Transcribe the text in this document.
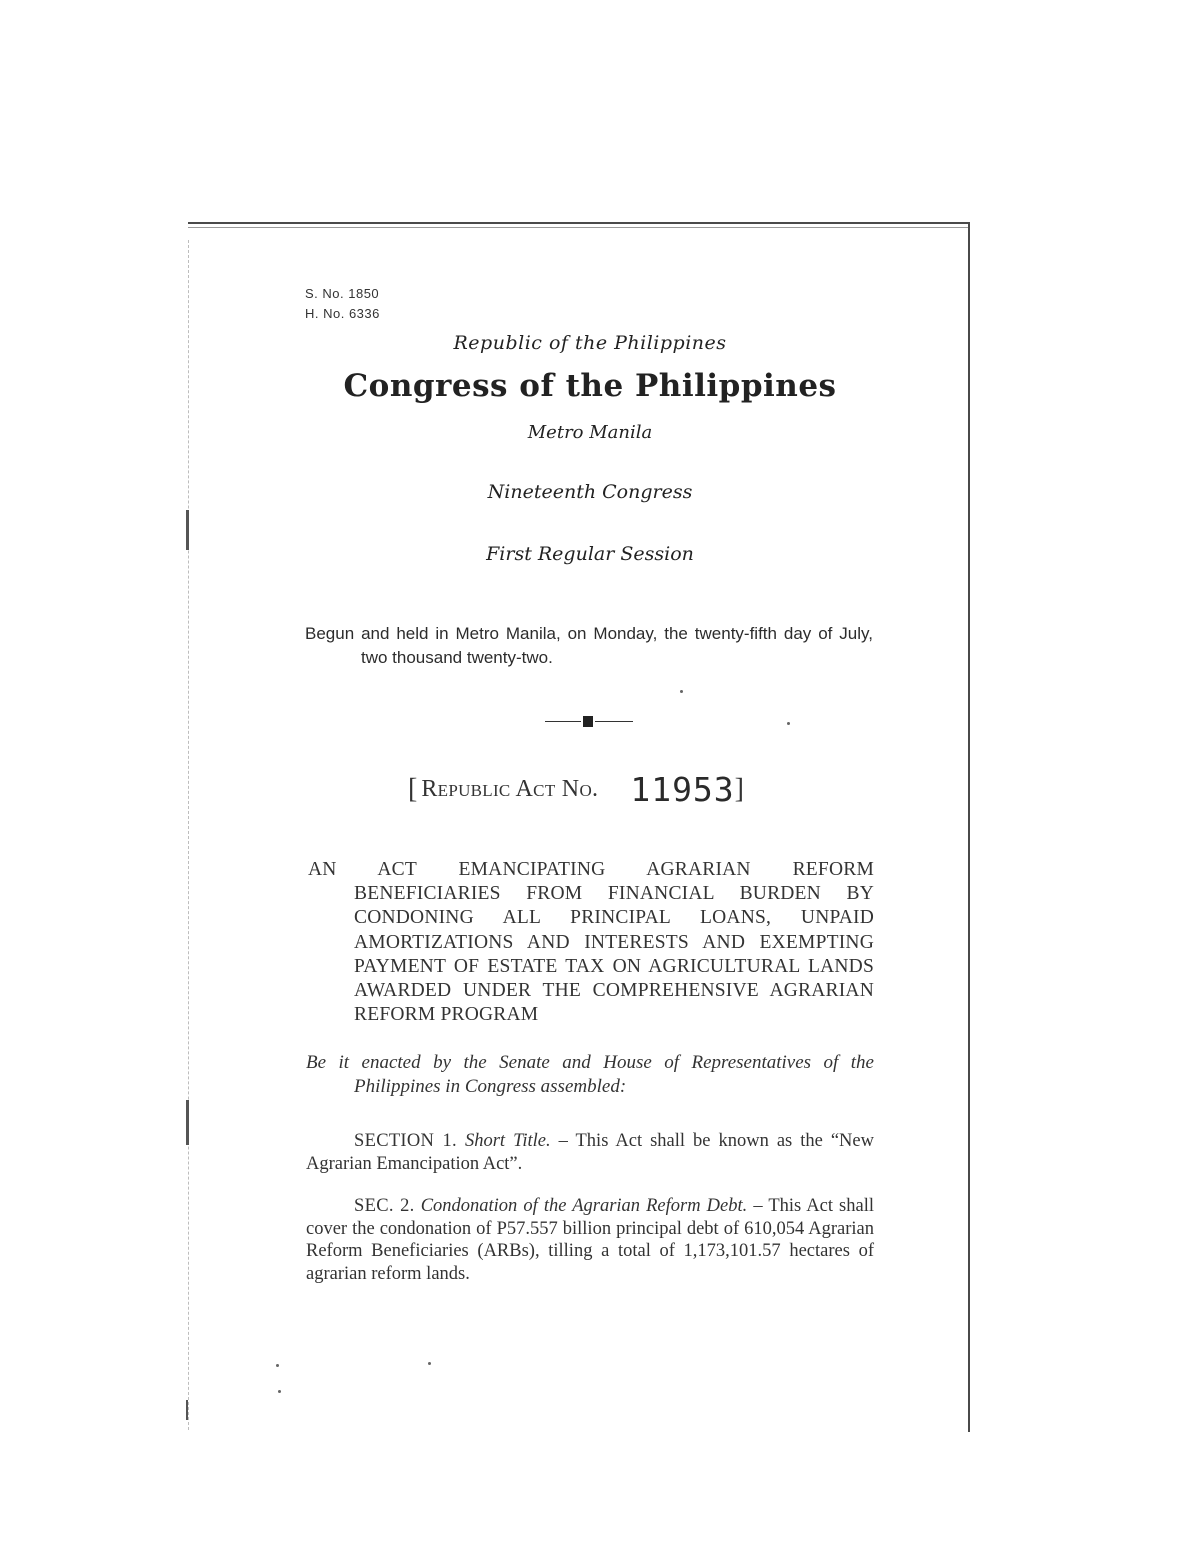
S. No. 1850
H. No. 6336
Republic of the Philippines
Congress of the Philippines
Metro Manila
Nineteenth Congress
First Regular Session
Begun and held in Metro Manila, on Monday, the twenty-fifth day of July, two thousand twenty-two.
[ Republic Act No. 11953]
AN ACT EMANCIPATING AGRARIAN REFORM BENEFICIARIES FROM FINANCIAL BURDEN BY CONDONING ALL PRINCIPAL LOANS, UNPAID AMORTIZATIONS AND INTERESTS AND EXEMPTING PAYMENT OF ESTATE TAX ON AGRICULTURAL LANDS AWARDED UNDER THE COMPREHENSIVE AGRARIAN REFORM PROGRAM
Be it enacted by the Senate and House of Representatives of the Philippines in Congress assembled:
SECTION 1. Short Title. – This Act shall be known as the “New Agrarian Emancipation Act”.
SEC. 2. Condonation of the Agrarian Reform Debt. – This Act shall cover the condonation of P57.557 billion principal debt of 610,054 Agrarian Reform Beneficiaries (ARBs), tilling a total of 1,173,101.57 hectares of agrarian reform lands.
